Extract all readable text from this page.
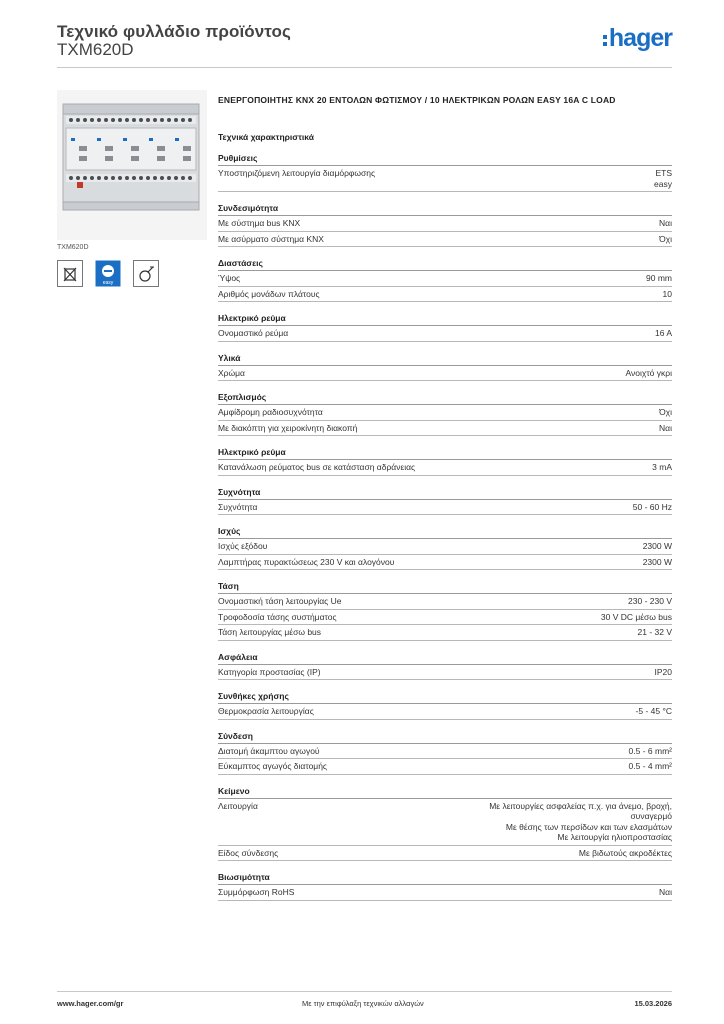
Τεχνικό φυλλάδιο προϊόντος
TXM620D	hager
TXM620D
easy
ΕΝΕΡΓΟΠΟΙΗΤΗΣ KNX 20 ΕΝΤΟΛΩΝ ΦΩΤΙΣΜΟΥ / 10 ΗΛΕΚΤΡΙΚΩΝ ΡΟΛΩΝ EASY 16A C LOAD
Τεχνικά χαρακτηριστικά
Ρυθμίσεις
Υποστηριζόμενη λειτουργία διαμόρφωσης	ETS
easy
Συνδεσιμότητα
Με σύστημα bus KNX	Ναι
Με ασύρματο σύστημα KNX	Όχι
Διαστάσεις
Ύψος	90 mm
Αριθμός μονάδων πλάτους	10
Ηλεκτρικό ρεύμα
Ονομαστικό ρεύμα	16 A
Υλικά
Χρώμα	Ανοιχτό γκρι
Εξοπλισμός
Αμφίδρομη ραδιοσυχνότητα	Όχι
Με διακόπτη για χειροκίνητη διακοπή	Ναι
Ηλεκτρικό ρεύμα
Κατανάλωση ρεύματος bus σε κατάσταση αδράνειας	3 mA
Συχνότητα
Συχνότητα	50 - 60 Hz
Ισχύς
Ισχύς εξόδου	2300 W
Λαμπτήρας πυρακτώσεως 230 V και αλογόνου	2300 W
Τάση
Ονομαστική τάση λειτουργίας Ue	230 - 230 V
Τροφοδοσία τάσης συστήματος	30 V DC μέσω bus
Τάση λειτουργίας μέσω bus	21 - 32 V
Ασφάλεια
Κατηγορία προστασίας (IP)	IP20
Συνθήκες χρήσης
Θερμοκρασία λειτουργίας	-5 - 45 °C
Σύνδεση
Διατομή άκαμπτου αγωγού	0.5 - 6 mm²
Εύκαμπτος αγωγός διατομής	0.5 - 4 mm²
Κείμενο
Λειτουργία	Με λειτουργίες ασφαλείας π.χ. για άνεμο, βροχή,
συναγερμό
Με θέσης των περσίδων και των ελασμάτων
Με λειτουργία ηλιοπροστασίας
Είδος σύνδεσης	Με βιδωτούς ακροδέκτες
Βιωσιμότητα
Συμμόρφωση RoHS	Ναι
www.hager.com/gr	Με την επιφύλαξη τεχνικών αλλαγών	15.03.2026
